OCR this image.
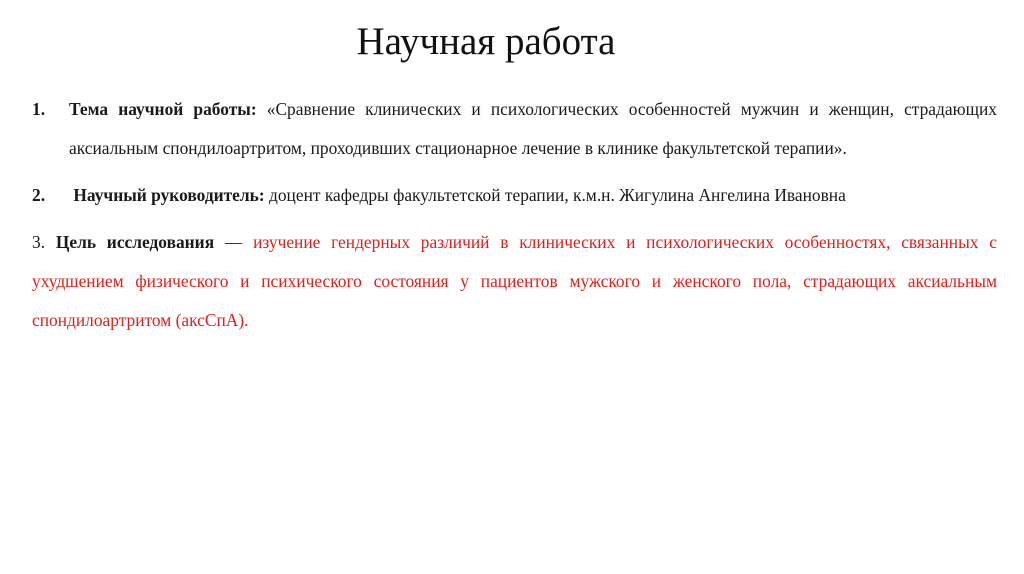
Научная работа

1. Тема научной работы: «Сравнение клинических и психологических особенностей мужчин и женщин, страдающих аксиальным спондилоартритом, проходивших стационарное лечение в клинике факультетской терапии».

2. Научный руководитель: доцент кафедры факультетской терапии, к.м.н. Жигулина Ангелина Ивановна

3. Цель исследования — изучение гендерных различий в клинических и психологических особенностях, связанных с ухудшением физического и психического состояния у пациентов мужского и женского пола, страдающих аксиальным спондилоартритом (аксСпА).
